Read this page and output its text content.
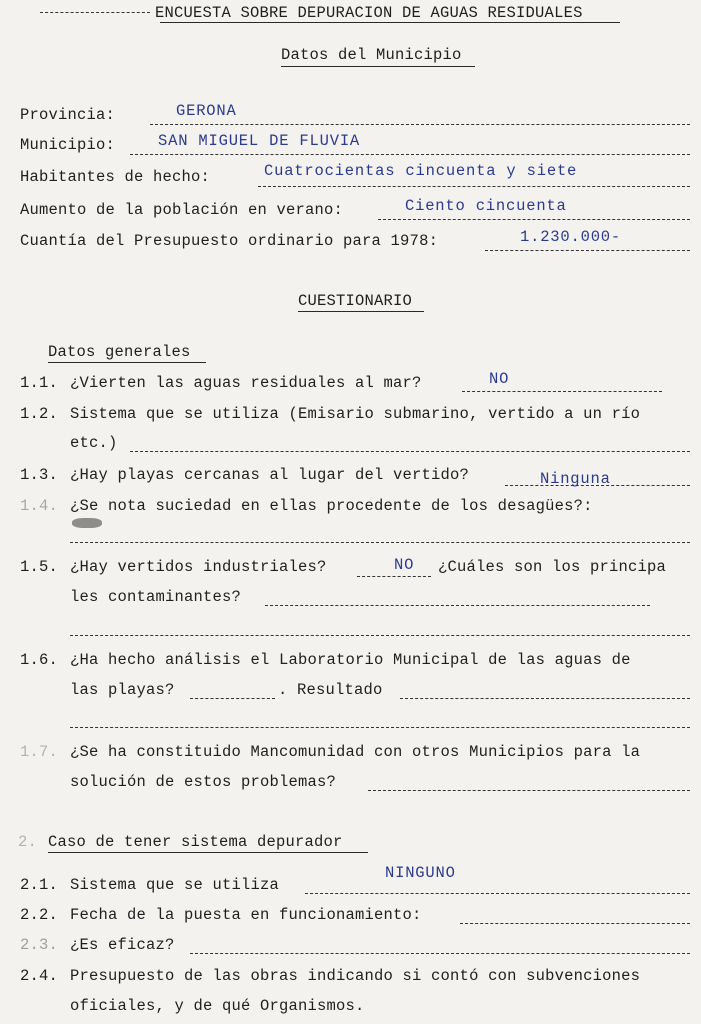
ENCUESTA SOBRE DEPURACION DE AGUAS RESIDUALES
Datos del Municipio
Provincia:	GERONA
Municipio:	SAN MIGUEL DE FLUVIA
Habitantes de hecho:	Cuatrocientas cincuenta y siete
Aumento de la población en verano:	Ciento cincuenta
Cuantía del Presupuesto ordinario para 1978:	1.230.000-
CUESTIONARIO
Datos generales
1.1. ¿Vierten las aguas residuales al mar?	NO
1.2. Sistema que se utiliza (Emisario submarino, vertido a un río
etc.)
1.3. ¿Hay playas cercanas al lugar del vertido?	Ninguna
1.4. ¿Se nota suciedad en ellas procedente de los desagües?:
1.5. ¿Hay vertidos industriales?	NO ¿Cuáles son los principa
les contaminantes?
1.6. ¿Ha hecho análisis el Laboratorio Municipal de las aguas de
las playas?	. Resultado
1.7. ¿Se ha constituido Mancomunidad con otros Municipios para la
solución de estos problemas?
2. Caso de tener sistema depurador
2.1. Sistema que se utiliza
NINGUNO
2.2. Fecha de la puesta en funcionamiento:
2.3. ¿Es eficaz?
2.4. Presupuesto de las obras indicando si contó con subvenciones
oficiales, y de qué Organismos.
